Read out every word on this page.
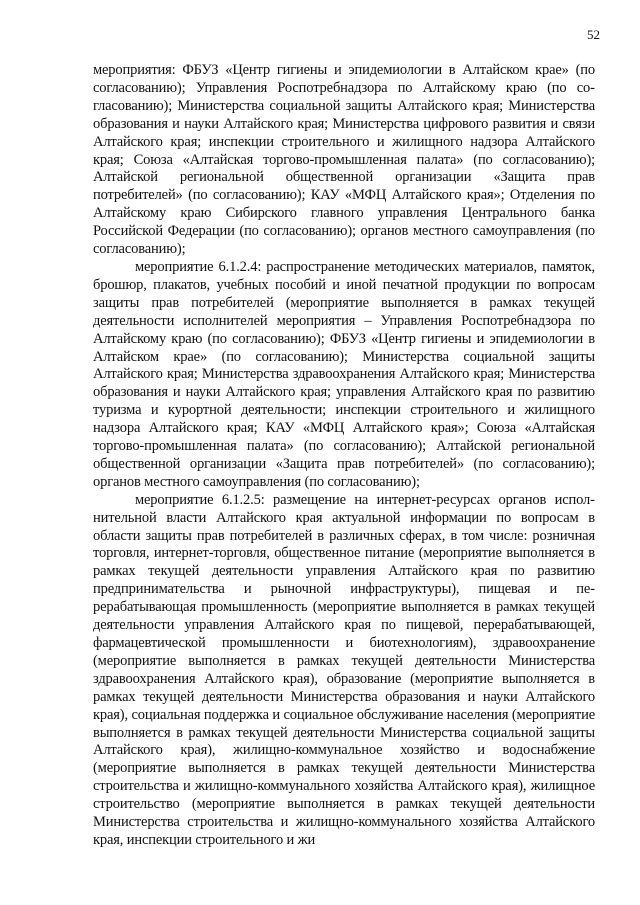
52

мероприятия: ФБУЗ «Центр гигиены и эпидемиологии в Алтайском крае» (по согласованию); Управления Роспотребнадзора по Алтайскому краю (по согласованию); Министерства социальной защиты Алтайского края; Министерства образования и науки Алтайского края; Министерства цифрового развития и связи Алтайского края; инспекции строительного и жилищного надзора Алтайского края; Союза «Алтайская торгово-промышленная палата» (по согласованию); Алтайской региональной общественной организации «Защита прав потребителей» (по согласованию); КАУ «МФЦ Алтайского края»; Отделения по Алтайскому краю Сибирского главного управления Центрального банка Российской Федерации (по согласованию); органов местного самоуправления (по согласованию);

мероприятие 6.1.2.4: распространение методических материалов, памяток, брошюр, плакатов, учебных пособий и иной печатной продукции по вопросам защиты прав потребителей (мероприятие выполняется в рамках текущей деятельности исполнителей мероприятия – Управления Роспотребнадзора по Алтайскому краю (по согласованию); ФБУЗ «Центр гигиены и эпидемиологии в Алтайском крае» (по согласованию); Министерства социальной защиты Алтайского края; Министерства здравоохранения Алтайского края; Министерства образования и науки Алтайского края; управления Алтайского края по развитию туризма и курортной деятельности; инспекции строительного и жилищного надзора Алтайского края; КАУ «МФЦ Алтайского края»; Союза «Алтайская торгово-промышленная палата» (по согласованию); Алтайской региональной общественной организации «Защита прав потребителей» (по согласованию); органов местного самоуправления (по согласованию);

мероприятие 6.1.2.5: размещение на интернет-ресурсах органов исполнительной власти Алтайского края актуальной информации по вопросам в области защиты прав потребителей в различных сферах, в том числе: розничная торговля, интернет-торговля, общественное питание (мероприятие выполняется в рамках текущей деятельности управления Алтайского края по развитию предпринимательства и рыночной инфраструктуры), пищевая и перерабатывающая промышленность (мероприятие выполняется в рамках текущей деятельности управления Алтайского края по пищевой, перерабатывающей, фармацевтической промышленности и биотехнологиям), здравоохранение (мероприятие выполняется в рамках текущей деятельности Министерства здравоохранения Алтайского края), образование (мероприятие выполняется в рамках текущей деятельности Министерства образования и науки Алтайского края), социальная поддержка и социальное обслуживание населения (мероприятие выполняется в рамках текущей деятельности Министерства социальной защиты Алтайского края), жилищно-коммунальное хозяйство и водоснабжение (мероприятие выполняется в рамках текущей деятельности Министерства строительства и жилищно-коммунального хозяйства Алтайского края), жилищное строительство (мероприятие выполняется в рамках текущей деятельности Министерства строительства и жилищно-коммунального хозяйства Алтайского края, инспекции строительного и жи
